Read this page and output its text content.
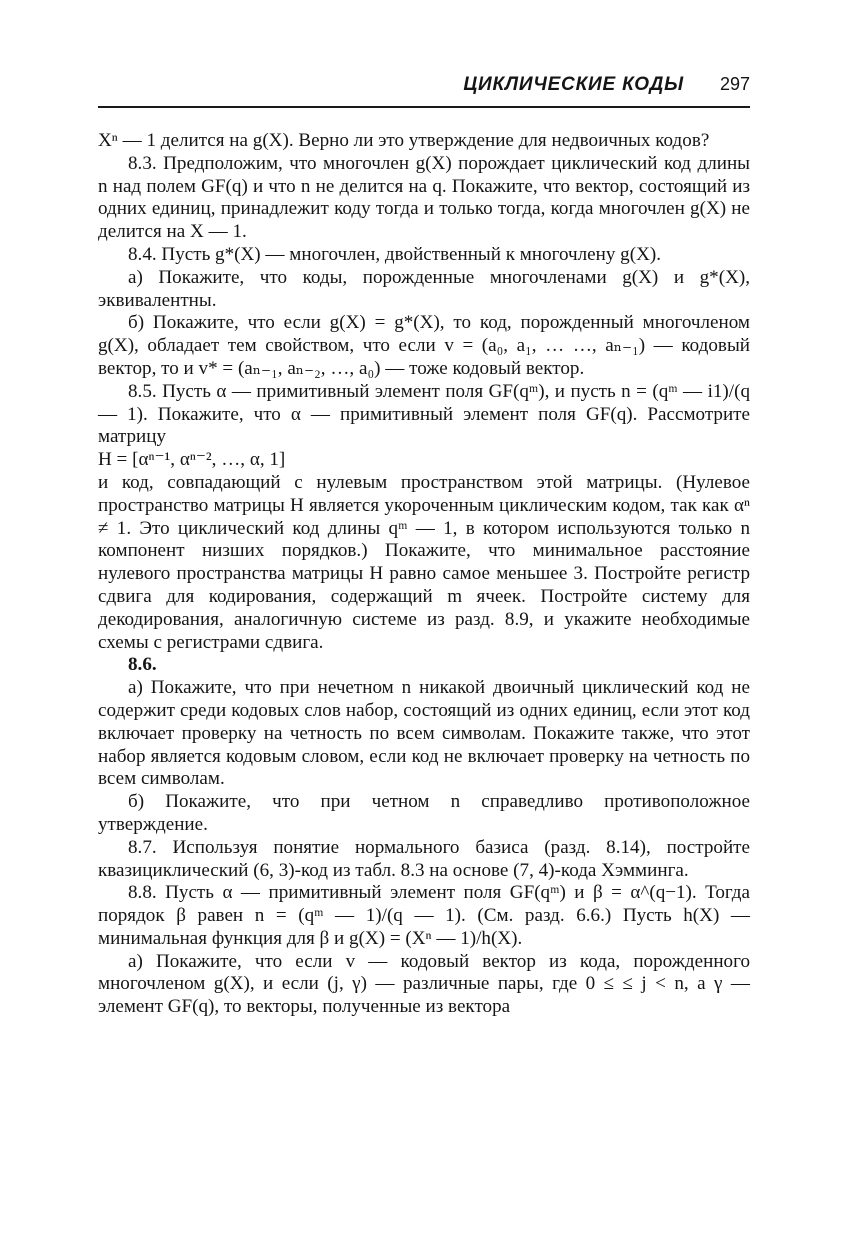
ЦИКЛИЧЕСКИЕ КОДЫ 297

Xⁿ — 1 делится на g(X). Верно ли это утверждение для недвоичных кодов?

8.3. Предположим, что многочлен g(X) порождает циклический код длины n над полем GF(q) и что n не делится на q. Покажите, что вектор, состоящий из одних единиц, принадлежит коду тогда и только тогда, когда многочлен g(X) не делится на X — 1.

8.4. Пусть g*(X) — многочлен, двойственный к многочлену g(X).

а) Покажите, что коды, порожденные многочленами g(X) и g*(X), эквивалентны.

б) Покажите, что если g(X) = g*(X), то код, порожденный многочленом g(X), обладает тем свойством, что если v = (a₀, a₁, … …, aₙ₋₁) — кодовый вектор, то и v* = (aₙ₋₁, aₙ₋₂, …, a₀) — тоже кодовый вектор.

8.5. Пусть α — примитивный элемент поля GF(qᵐ), и пусть n = (qᵐ — i1)/(q — 1). Покажите, что α — примитивный элемент поля GF(q). Рассмотрите матрицу

H = [αⁿ⁻¹, αⁿ⁻², …, α, 1]

и код, совпадающий с нулевым пространством этой матрицы. (Нулевое пространство матрицы H является укороченным циклическим кодом, так как αⁿ ≠ 1. Это циклический код длины qᵐ — 1, в котором используются только n компонент низших порядков.) Покажите, что минимальное расстояние нулевого пространства матрицы H равно самое меньшее 3. Постройте регистр сдвига для кодирования, содержащий m ячеек. Постройте систему для декодирования, аналогичную системе из разд. 8.9, и укажите необходимые схемы с регистрами сдвига.

8.6.

а) Покажите, что при нечетном n никакой двоичный циклический код не содержит среди кодовых слов набор, состоящий из одних единиц, если этот код включает проверку на четность по всем символам. Покажите также, что этот набор является кодовым словом, если код не включает проверку на четность по всем символам.

б) Покажите, что при четном n справедливо противоположное утверждение.

8.7. Используя понятие нормального базиса (разд. 8.14), постройте квазициклический (6, 3)-код из табл. 8.3 на основе (7, 4)-кода Хэмминга.

8.8. Пусть α — примитивный элемент поля GF(qᵐ) и β = α^(q−1). Тогда порядок β равен n = (qᵐ — 1)/(q — 1). (См. разд. 6.6.) Пусть h(X) — минимальная функция для β и g(X) = (Xⁿ — 1)/h(X).

а) Покажите, что если v — кодовый вектор из кода, порожденного многочленом g(X), и если (j, γ) — различные пары, где 0 ≤ ≤ j < n, а γ — элемент GF(q), то векторы, полученные из вектора
